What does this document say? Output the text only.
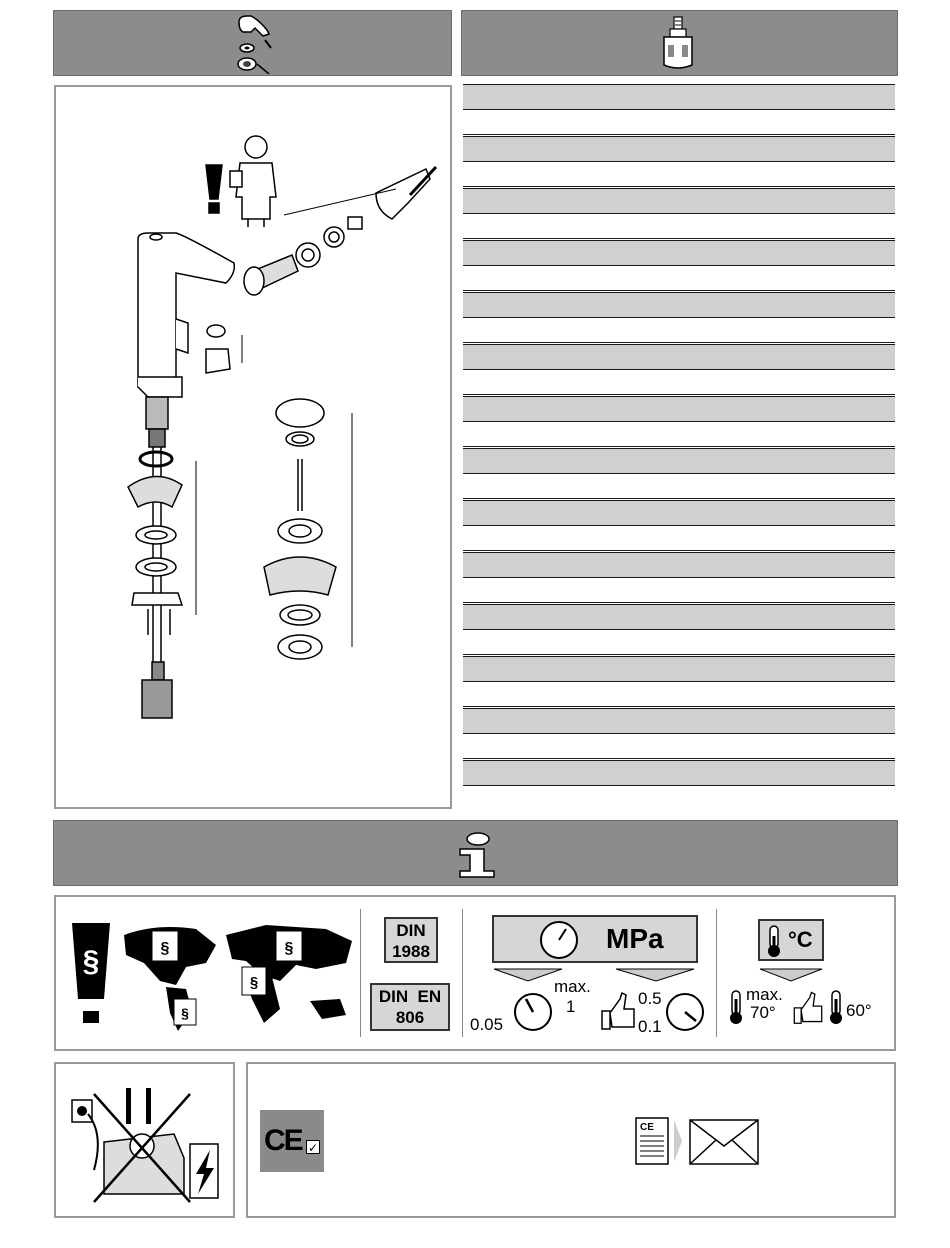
§	§	§
§
§
DIN
1988
DIN  EN
806
MPa
0.05
max.
1	0.5
0.1
°C
max.
70°	60°
CE ✓
CE
